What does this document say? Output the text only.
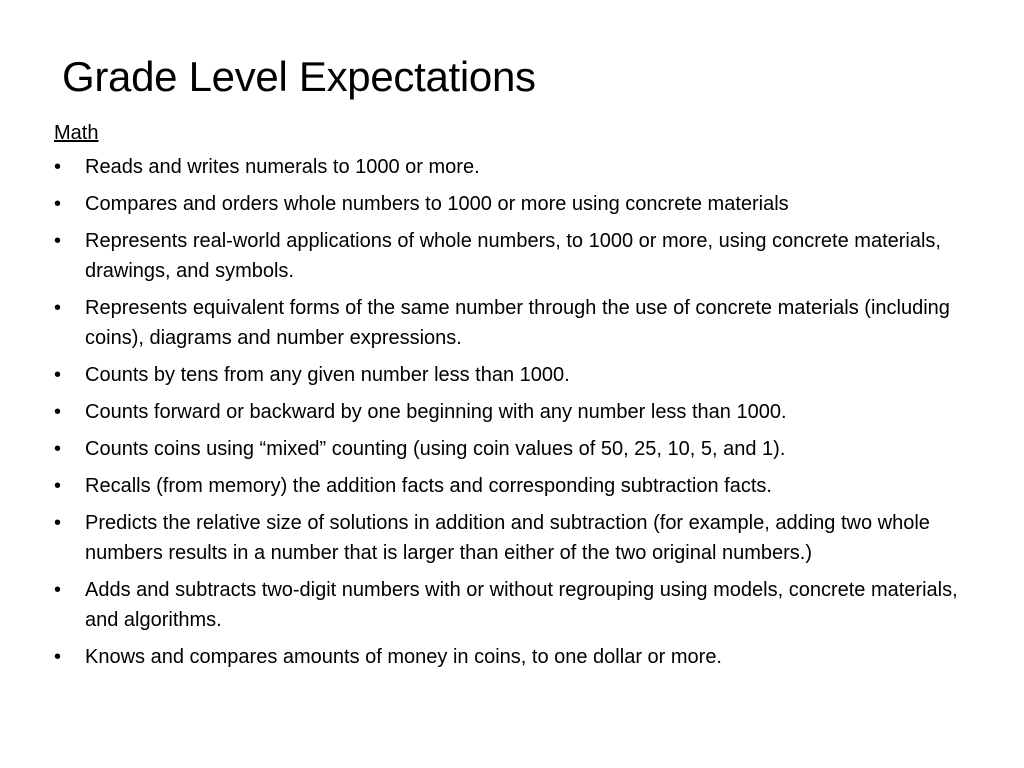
Grade Level Expectations
Math
•	Reads and writes numerals to 1000 or more.
•	Compares and orders whole numbers to 1000 or more using concrete materials
•	Represents real-world applications of whole numbers, to 1000 or more, using concrete materials, drawings, and symbols.
•	Represents equivalent forms of the same number through the use of concrete materials (including coins), diagrams and number expressions.
•	Counts by tens from any given number less than 1000.
•	Counts forward or backward by one beginning with any number less than 1000.
•	Counts coins using “mixed” counting (using coin values of 50, 25, 10, 5, and 1).
•	Recalls (from memory) the addition facts and corresponding subtraction facts.
•	Predicts the relative size of solutions in addition and subtraction (for example, adding two whole numbers results in a number that is larger than either of the two original numbers.)
•	Adds and subtracts two-digit numbers with or without regrouping using models, concrete materials, and algorithms.
•	Knows and compares amounts of money in coins, to one dollar or more.
